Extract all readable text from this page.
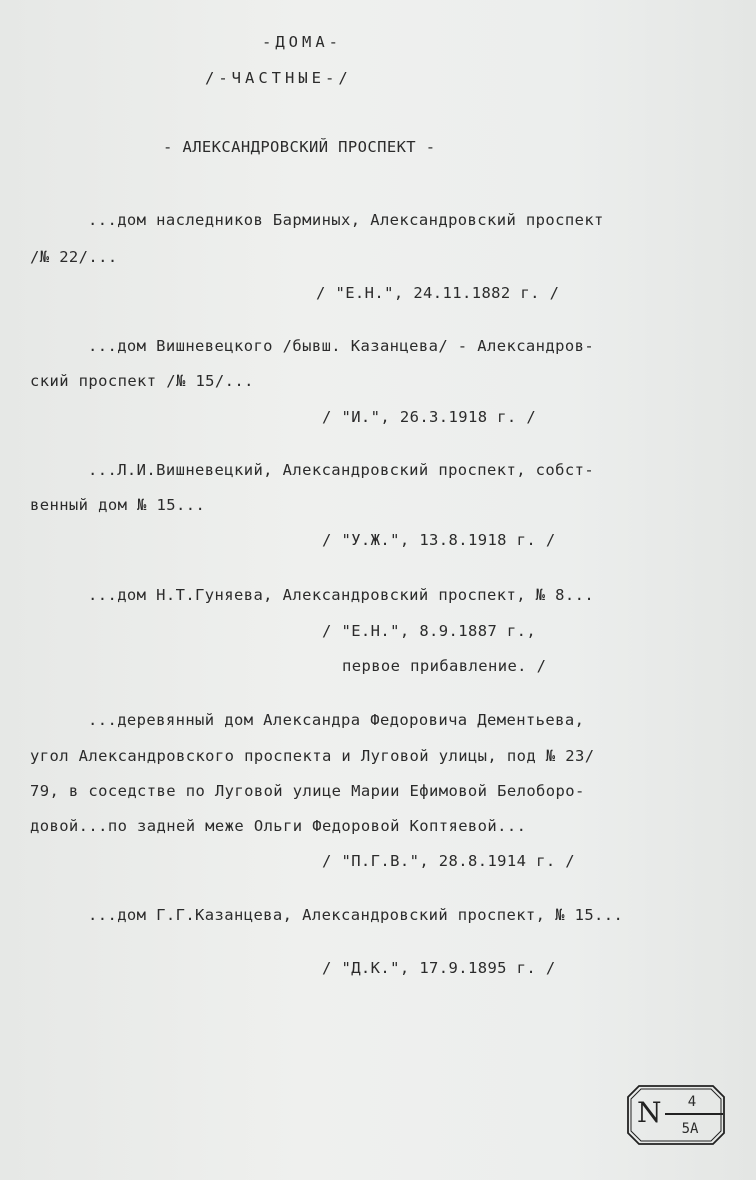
-ДОМА-
/-ЧАСТНЫЕ-/
- АЛЕКСАНДРОВСКИЙ ПРОСПЕКТ -
...дом наследников Барминых, Александровский проспект
/№ 22/...
/ "Е.Н.", 24.11.1882 г. /
...дом Вишневецкого /бывш. Казанцева/ - Александров-
ский проспект /№ 15/...
/ "И.", 26.3.1918 г. /
...Л.И.Вишневецкий, Александровский проспект, собст-
венный дом № 15...
/ "У.Ж.", 13.8.1918 г. /
...дом Н.Т.Гуняева, Александровский проспект, № 8...
/ "Е.Н.", 8.9.1887 г.,
первое прибавление. /
...деревянный дом Александра Федоровича Дементьева,
угол Александровского проспекта и Луговой улицы, под № 23/
79, в соседстве по Луговой улице Марии Ефимовой Белоборо-
довой...по задней меже Ольги Федоровой Коптяевой...
/ "П.Г.В.", 28.8.1914 г. /
...дом Г.Г.Казанцева, Александровский проспект, № 15...
/ "Д.К.", 17.9.1895 г. /
N	4
5А
